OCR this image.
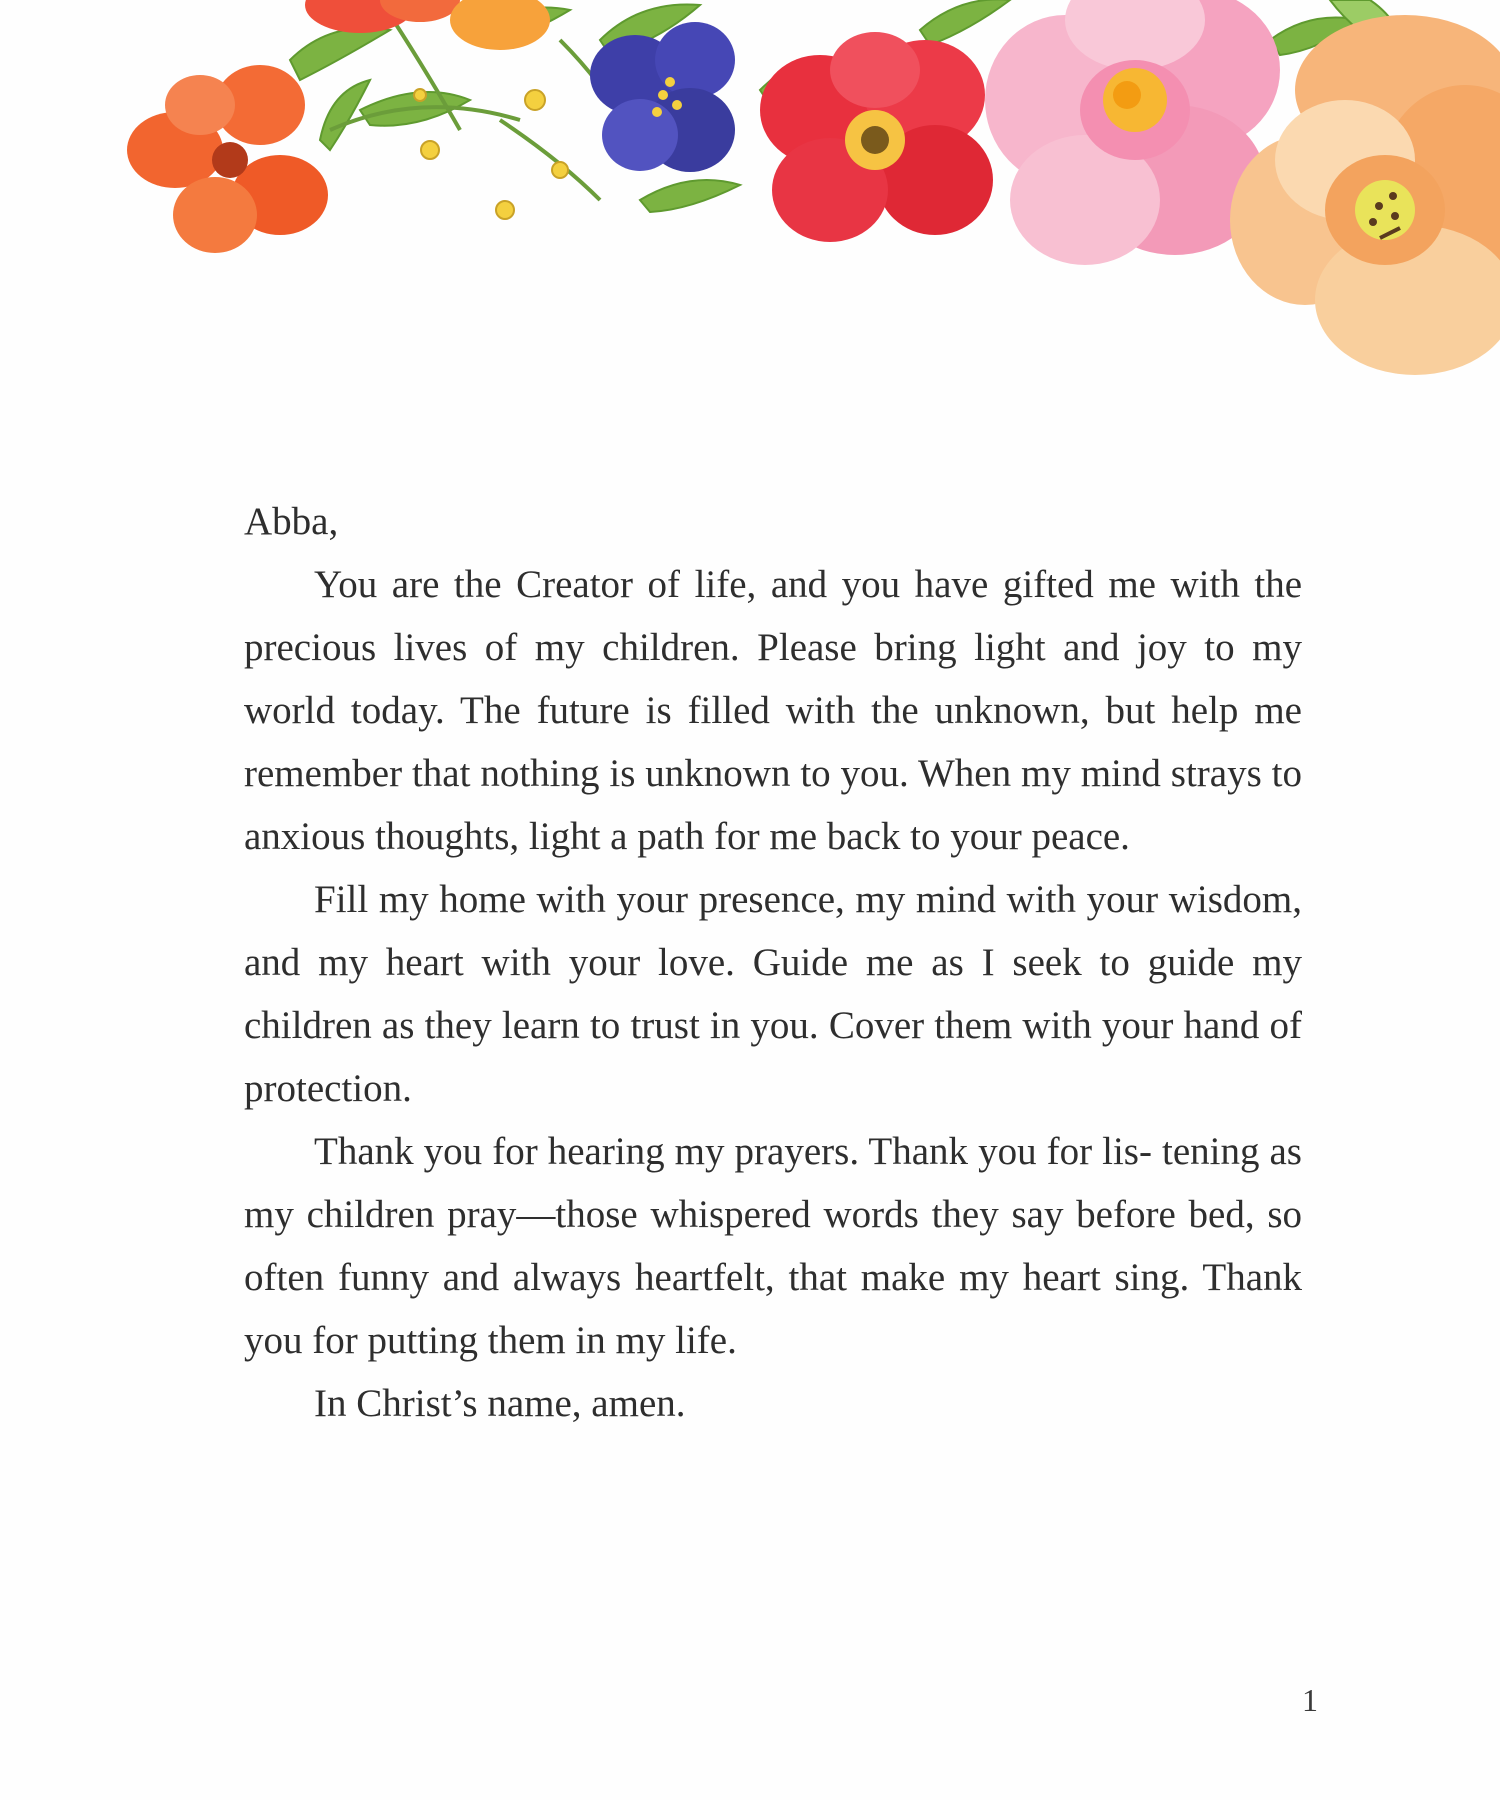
Abba,

You are the Creator of life, and you have gifted me with the precious lives of my children. Please bring light and joy to my world today. The future is filled with the unknown, but help me remember that nothing is unknown to you. When my mind strays to anxious thoughts, light a path for me back to your peace.

Fill my home with your presence, my mind with your wisdom, and my heart with your love. Guide me as I seek to guide my children as they learn to trust in you. Cover them with your hand of protection.

Thank you for hearing my prayers. Thank you for lis- tening as my children pray—those whispered words they say before bed, so often funny and always heartfelt, that make my heart sing. Thank you for putting them in my life.

In Christ’s name, amen.

1
